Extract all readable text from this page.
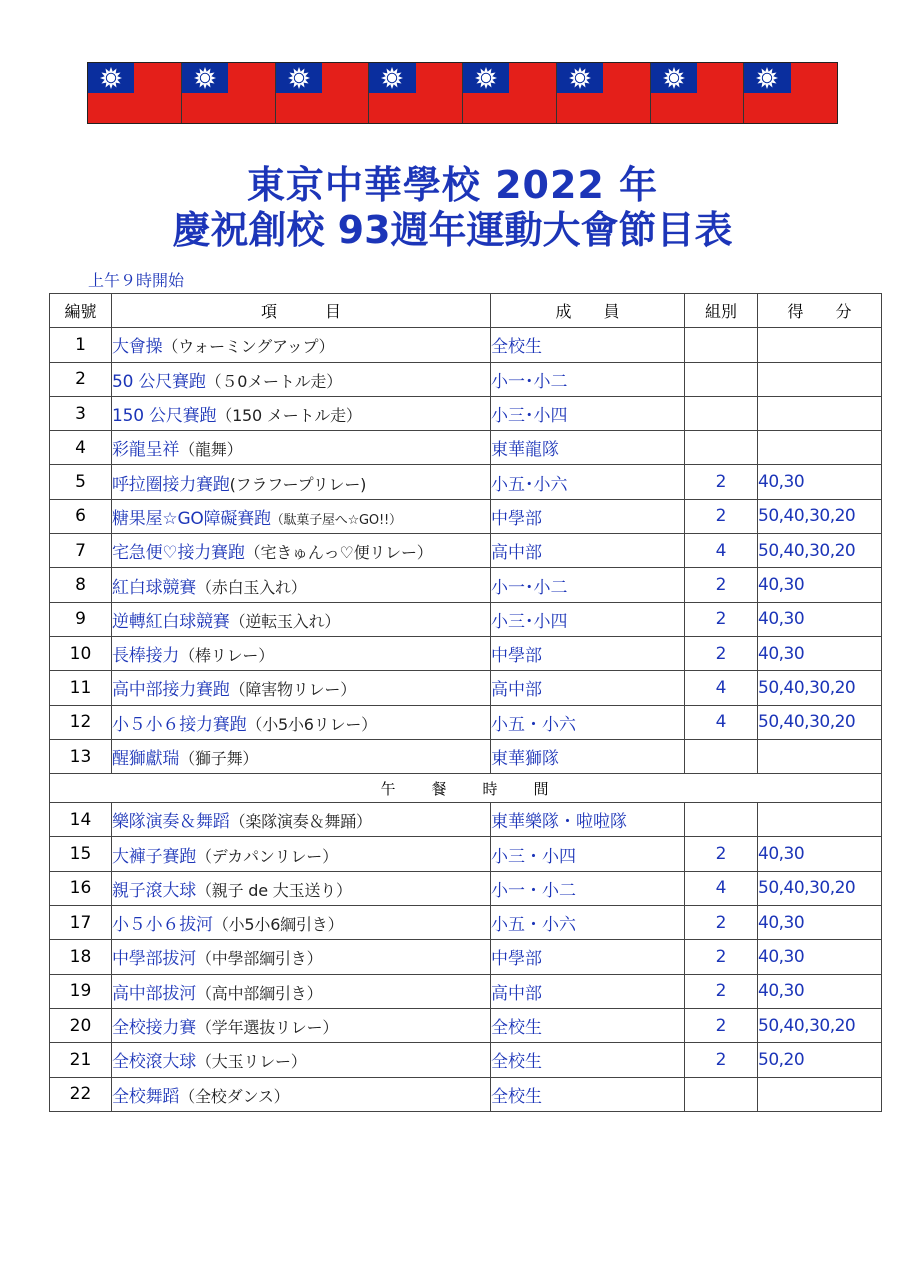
東京中華學校 2022 年
慶祝創校 93週年運動大會節目表
上午９時開始
編號	項　　　目	成　　員	組別	得　　分
1	大會操（ウォーミングアップ）	全校生		
2	50 公尺賽跑（５0メートル走）	小一･小二		
3	150 公尺賽跑（150 メートル走）	小三･小四		
4	彩龍呈祥（龍舞）	東華龍隊		
5	呼拉圈接力賽跑(フラフープリレー)	小五･小六	2	40,30
6	糖果屋☆GO障礙賽跑（駄菓子屋へ☆GO!!）	中學部	2	50,40,30,20
7	宅急便♡接力賽跑（宅きゅんっ♡便リレー）	高中部	4	50,40,30,20
8	紅白球競賽（赤白玉入れ）	小一･小二	2	40,30
9	逆轉紅白球競賽（逆転玉入れ）	小三･小四	2	40,30
10	長棒接力（棒リレー）	中學部	2	40,30
11	高中部接力賽跑（障害物リレー）	高中部	4	50,40,30,20
12	小５小６接力賽跑（小5小6リレー）	小五・小六	4	50,40,30,20
13	醒獅獻瑞（獅子舞）	東華獅隊		
午　　餐　　時　　間				
14	樂隊演奏＆舞蹈（楽隊演奏＆舞踊）	東華樂隊・啦啦隊		
15	大褲子賽跑（デカパンリレー）	小三・小四	2	40,30
16	親子滾大球（親子 de 大玉送り）	小一・小二	4	50,40,30,20
17	小５小６拔河（小5小6綱引き）	小五・小六	2	40,30
18	中學部拔河（中學部綱引き）	中學部	2	40,30
19	高中部拔河（高中部綱引き）	高中部	2	40,30
20	全校接力賽（学年選抜リレー）	全校生	2	50,40,30,20
21	全校滾大球（大玉リレー）	全校生	2	50,20
22	全校舞蹈（全校ダンス）	全校生		
